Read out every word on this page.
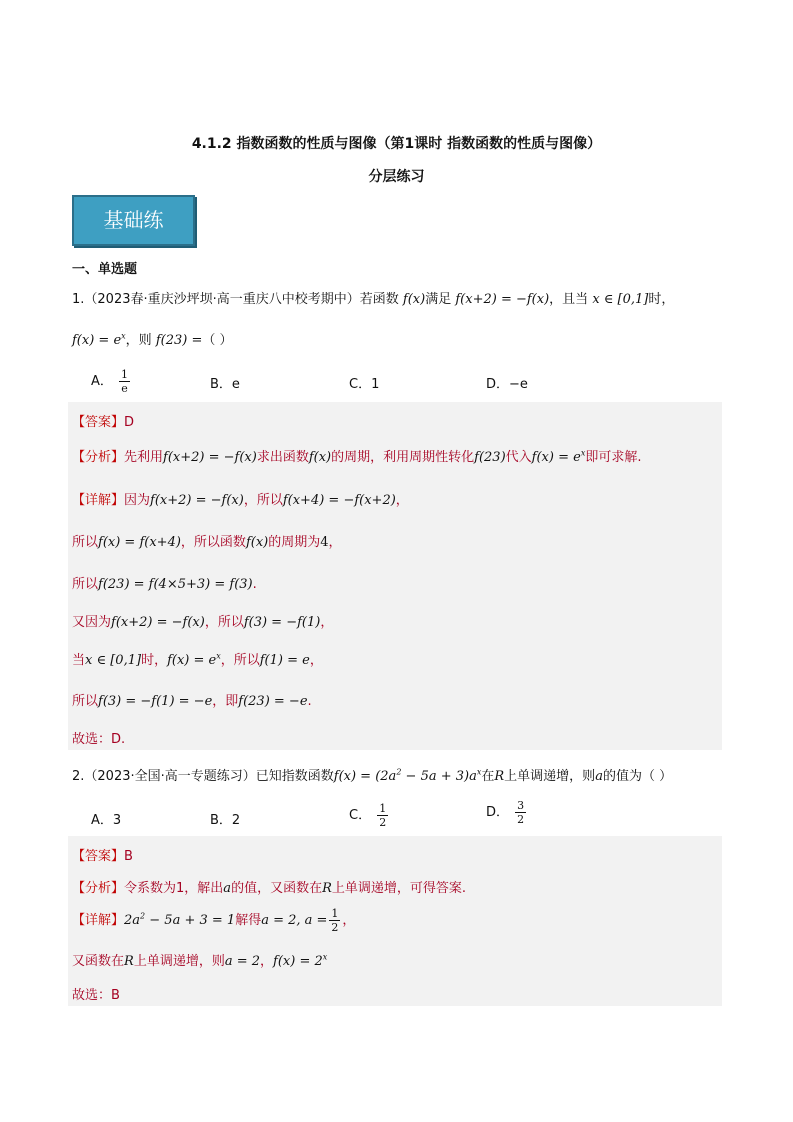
4.1.2 指数函数的性质与图像（第1课时 指数函数的性质与图像）
分层练习
基础练
一、单选题
1.（2023春·重庆沙坪坝·高一重庆八中校考期中）若函数 f(x)满足 f(x+2) = −f(x)，且当 x ∈ [0,1]时，
$f(x) = e^x$，则 f(23) =（ ）
A． $\frac{1}{e}$	B．e	C．1	D．−e
【答案】D
【分析】先利用f(x+2) = −f(x)求出函数f(x)的周期，利用周期性转化f(23)代入$f(x) = e^x$即可求解.
【详解】因为f(x+2) = −f(x)，所以f(x+4) = −f(x+2)，
所以f(x) = f(x+4)，所以函数f(x)的周期为4，
所以f(23) = f(4×5+3) = f(3).
又因为f(x+2) = −f(x)，所以f(3) = −f(1)，
当x ∈ [0,1]时，$f(x) = e^x$，所以f(1) = e，
所以f(3) = −f(1) = −e，即f(23) = −e.
故选：D.
2.（2023·全国·高一专题练习）已知指数函数$f(x) = (2a^2 - 5a + 3)a^x$在R上单调递增，则a的值为（ ）
A．3	B．2	C． $\frac{1}{2}$	D． $\frac{3}{2}$
【答案】B
【分析】令系数为1，解出a的值，又函数在R上单调递增，可得答案.
【详解】$2a^2 - 5a + 3 = 1$解得a = 2, $a = \frac{1}{2}$ ，
又函数在R上单调递增，则a = 2，$f(x) = 2^x$
故选：B
